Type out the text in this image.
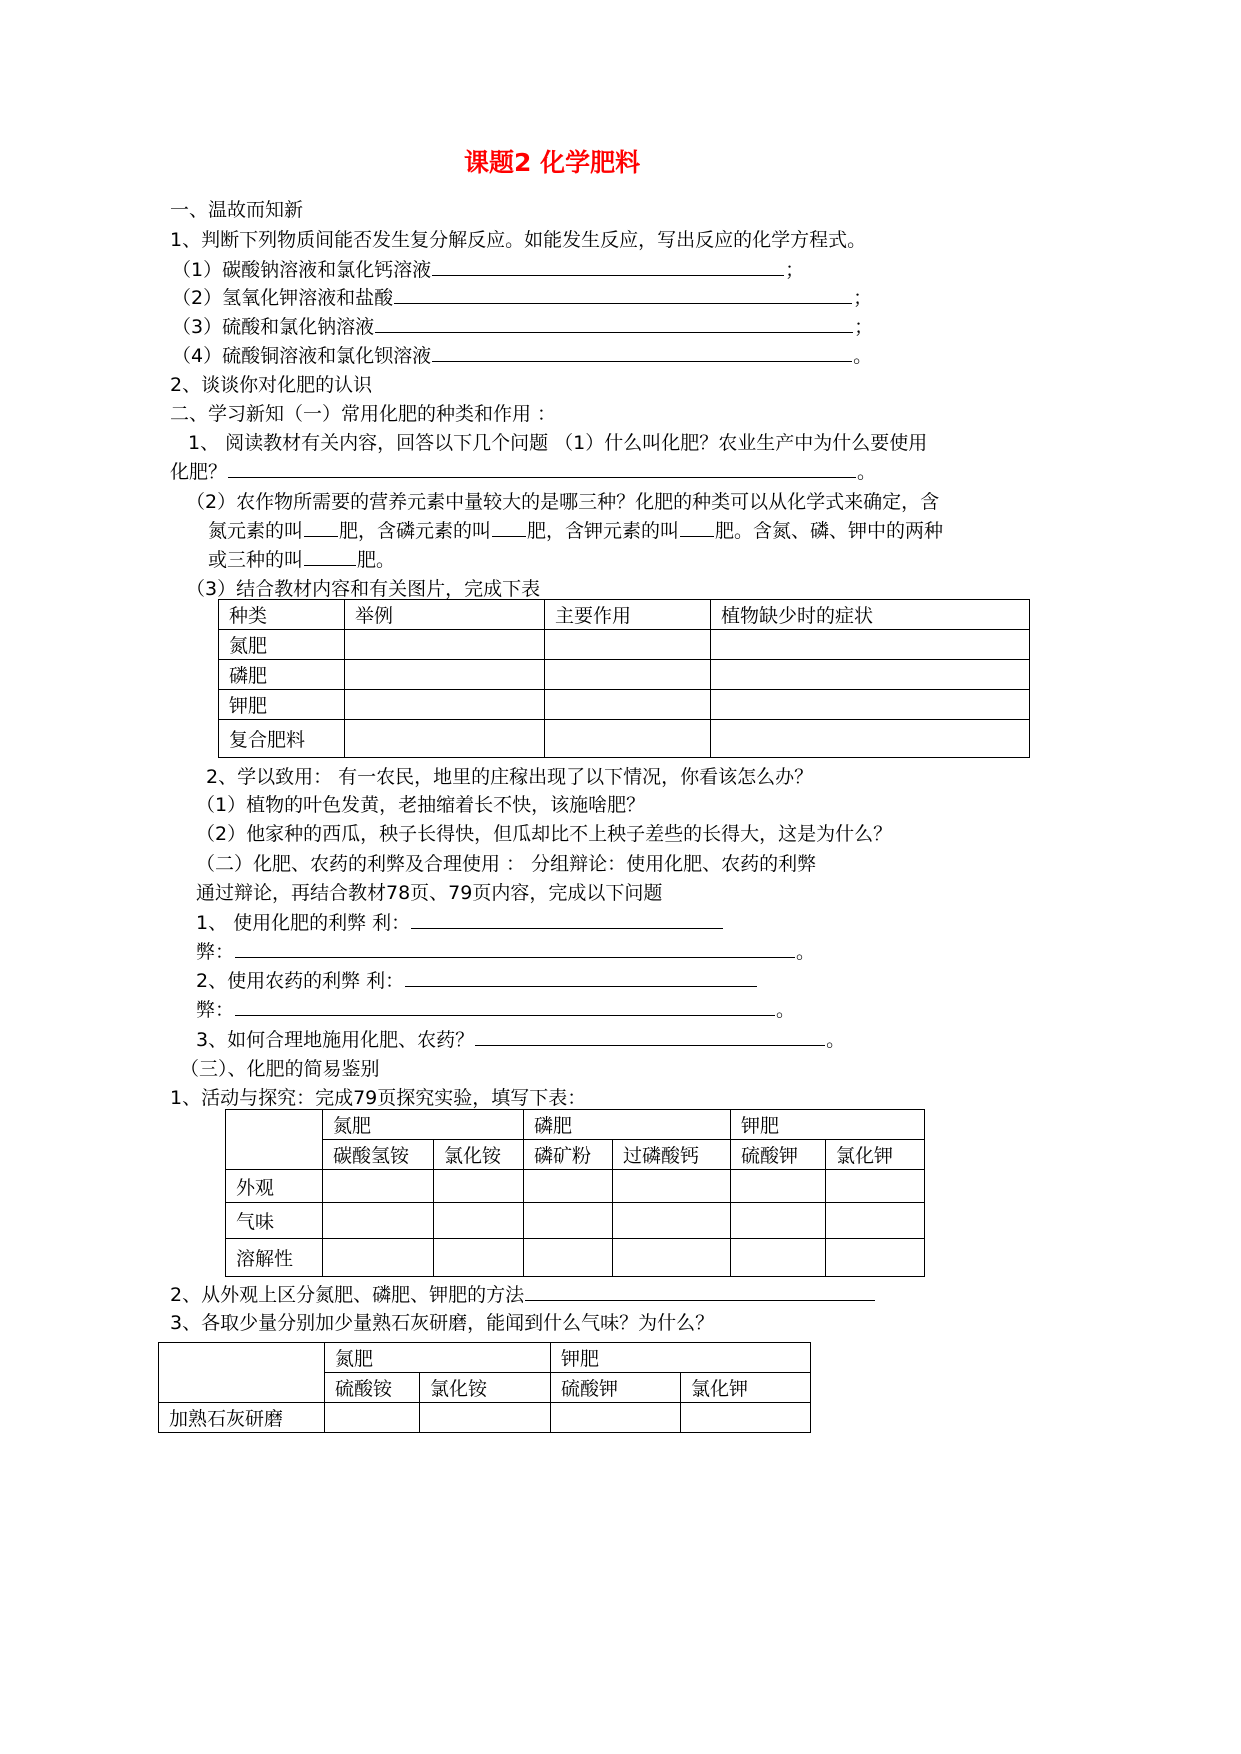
课题2 化学肥料
一、温故而知新
1、判断下列物质间能否发生复分解反应。如能发生反应，写出反应的化学方程式。
（1）碳酸钠溶液和氯化钙溶液	；
（2）氢氧化钾溶液和盐酸	；
（3）硫酸和氯化钠溶液	；
（4）硫酸铜溶液和氯化钡溶液	。
2、谈谈你对化肥的认识
二、学习新知（一）常用化肥的种类和作用 ：
1、 阅读教材有关内容，回答以下几个问题 （1）什么叫化肥？农业生产中为什么要使用
化肥？	。
（2）农作物所需要的营养元素中量较大的是哪三种？化肥的种类可以从化学式来确定，含
氮元素的叫 肥，含磷元素的叫 肥，含钾元素的叫 肥。含氮、磷、钾中的两种
或三种的叫	肥。
（3）结合教材内容和有关图片，完成下表
种类	举例	主要作用	植物缺少时的症状
氮肥			
磷肥			
钾肥			
复合肥料			
2、学以致用： 有一农民，地里的庄稼出现了以下情况，你看该怎么办？
（1）植物的叶色发黄，老抽缩着长不快，该施啥肥？
（2）他家种的西瓜，秧子长得快，但瓜却比不上秧子差些的长得大，这是为什么？
（二）化肥、农药的利弊及合理使用 ： 分组辩论：使用化肥、农药的利弊
通过辩论，再结合教材78页、79页内容，完成以下问题
1、 使用化肥的利弊 利：
弊：	。
2、使用农药的利弊 利：
弊：	。
3、如何合理地施用化肥、农药？	。
（三）、化肥的简易鉴别
1、活动与探究：完成79页探究实验，填写下表：
	氮肥		磷肥		钾肥	
	碳酸氢铵	氯化铵	磷矿粉	过磷酸钙	硫酸钾	氯化钾
外观						
气味						
溶解性						
2、从外观上区分氮肥、磷肥、钾肥的方法
3、各取少量分别加少量熟石灰研磨，能闻到什么气味？为什么？
	氮肥		钾肥	
	硫酸铵	氯化铵	硫酸钾	氯化钾
加熟石灰研磨				
